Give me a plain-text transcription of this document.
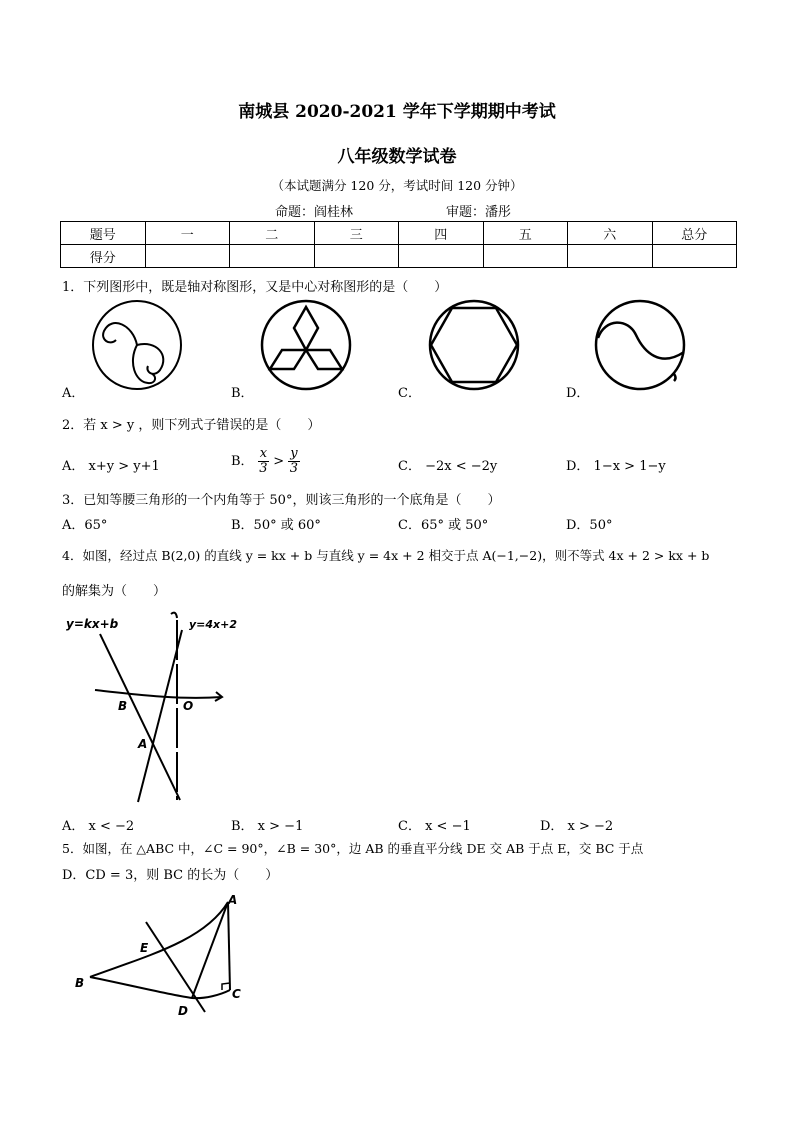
南城县 2020-2021 学年下学期期中考试
八年级数学试卷
（本试题满分 120 分，考试时间 120 分钟）
命题：阎桂林	审题：潘彤
题号	一	二	三	四	五	六	总分
得分							
1．下列图形中，既是轴对称图形，又是中心对称图形的是（　　）
A．	B．	C．	D．
2．若 x > y ，则下列式子错误的是（　　）
A． x+y > y+1	B． $\frac{x}{3} > \frac{y}{3}$	C． −2x < −2y	D． 1−x > 1−y
3．已知等腰三角形的一个内角等于 50°，则该三角形的一个底角是（　　）
A．65°	B．50° 或 60°	C．65° 或 50°	D．50°
4．如图，经过点 B(2,0) 的直线 y = kx + b 与直线 y = 4x + 2 相交于点 A(−1,−2)，则不等式 4x + 2 > kx + b
的解集为（　　）
y=kx+b	y=4x+2
B	O
A
A． x < −2	B． x > −1	C． x < −1	D． x > −2
5．如图，在 △ABC 中，∠C = 90°，∠B = 30°，边 AB 的垂直平分线 DE 交 AB 于点 E，交 BC 于点
D．CD = 3，则 BC 的长为（　　）
A
B
C
D
E
